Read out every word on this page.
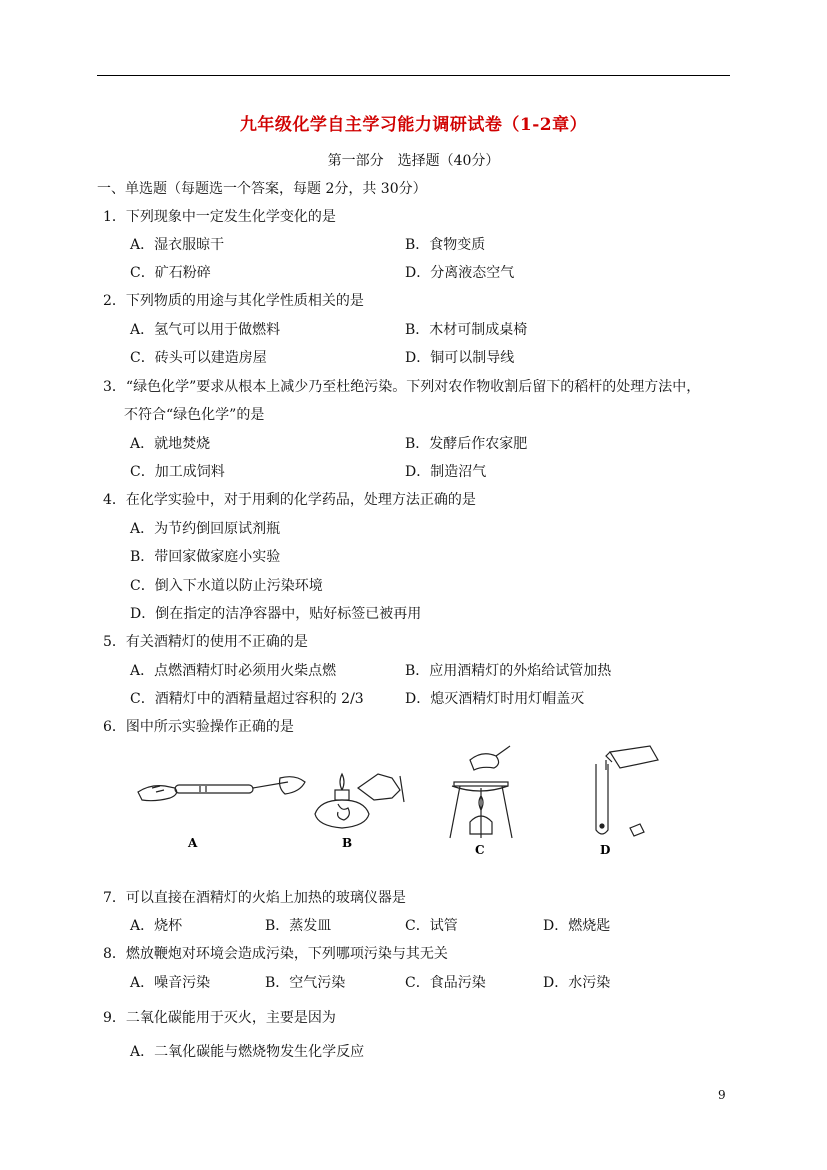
九年级化学自主学习能力调研试卷（1-2章）
第一部分　选择题（40分）
一、单选题（每题选一个答案，每题 2分，共 30分）
1．下列现象中一定发生化学变化的是
A．湿衣服晾干	B．食物变质
C．矿石粉碎	D．分离液态空气
2．下列物质的用途与其化学性质相关的是
A．氢气可以用于做燃料	B．木材可制成桌椅
C．砖头可以建造房屋	D．铜可以制导线
3．“绿色化学”要求从根本上减少乃至杜绝污染。下列对农作物收割后留下的稻杆的处理方法中，
不符合“绿色化学”的是
A．就地焚烧	B．发酵后作农家肥
C．加工成饲料	D．制造沼气
4．在化学实验中，对于用剩的化学药品，处理方法正确的是
A．为节约倒回原试剂瓶
B．带回家做家庭小实验
C．倒入下水道以防止污染环境
D．倒在指定的洁净容器中，贴好标签已被再用
5．有关酒精灯的使用不正确的是
A．点燃酒精灯时必须用火柴点燃	B．应用酒精灯的外焰给试管加热
C．酒精灯中的酒精量超过容积的 2/3	D．熄灭酒精灯时用灯帽盖灭
6．图中所示实验操作正确的是
A	B	C	D
7．可以直接在酒精灯的火焰上加热的玻璃仪器是
A．烧杯	B．蒸发皿	C．试管	D．燃烧匙
8．燃放鞭炮对环境会造成污染，下列哪项污染与其无关
A．噪音污染	B．空气污染	C．食品污染	D．水污染
9．二氧化碳能用于灭火，主要是因为
A．二氧化碳能与燃烧物发生化学反应
9
